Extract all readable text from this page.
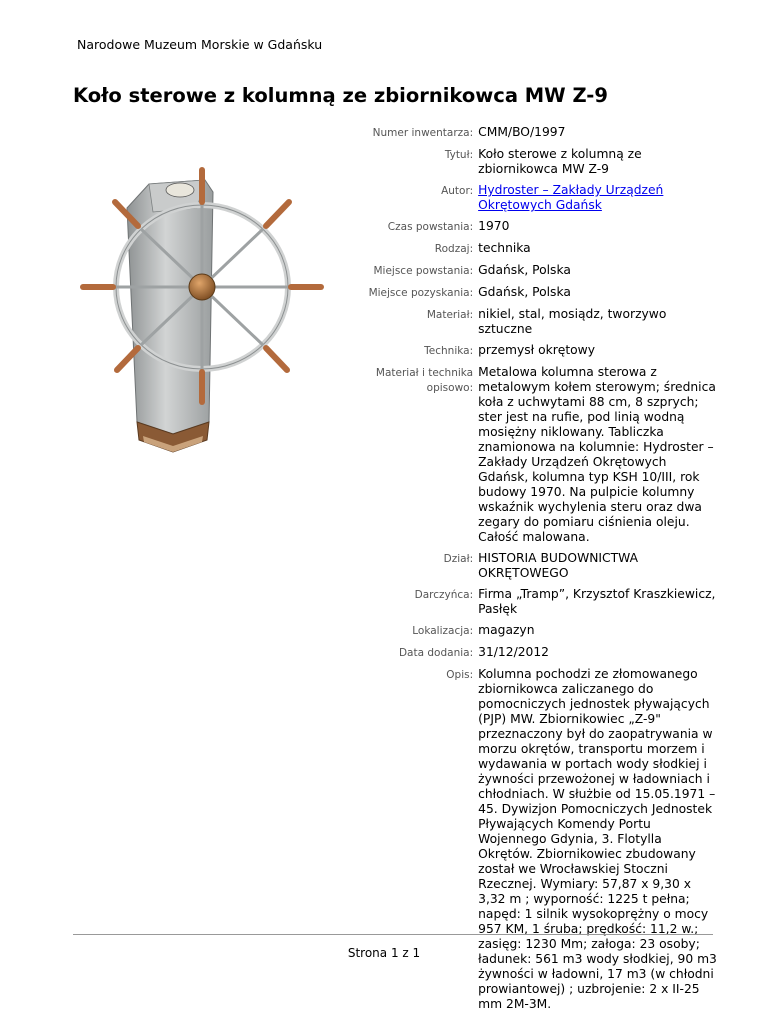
Narodowe Muzeum Morskie w Gdańsku
Koło sterowe z kolumną ze zbiornikowca MW Z-9
Numer inwentarza:	CMM/BO/1997
Tytuł:	Koło sterowe z kolumną ze zbiornikowca MW Z-9
Autor:	Hydroster – Zakłady Urządzeń Okrętowych Gdańsk
Czas powstania:	1970
Rodzaj:	technika
Miejsce powstania:	Gdańsk, Polska
Miejsce pozyskania:	Gdańsk, Polska
Materiał:	nikiel, stal, mosiądz, tworzywo sztuczne
Technika:	przemysł okrętowy
Materiał i technika opisowo:	Metalowa kolumna sterowa z metalowym kołem sterowym; średnica koła z uchwytami 88 cm, 8 szprych; ster jest na rufie, pod linią wodną mosiężny niklowany. Tabliczka znamionowa na kolumnie: Hydroster – Zakłady Urządzeń Okrętowych Gdańsk, kolumna typ KSH 10/III, rok budowy 1970. Na pulpicie kolumny wskaźnik wychylenia steru oraz dwa zegary do pomiaru ciśnienia oleju. Całość malowana.
Dział:	HISTORIA BUDOWNICTWA OKRĘTOWEGO
Darczyńca:	Firma „Tramp”, Krzysztof Kraszkiewicz, Pasłęk
Lokalizacja:	magazyn
Data dodania:	31/12/2012
Opis:	Kolumna pochodzi ze złomowanego zbiornikowca zaliczanego do pomocniczych jednostek pływających (PJP) MW. Zbiornikowiec „Z-9" przeznaczony był do zaopatrywania w morzu okrętów, transportu morzem i wydawania w portach wody słodkiej i żywności przewożonej w ładowniach i chłodniach. W służbie od 15.05.1971 – 45. Dywizjon Pomocniczych Jednostek Pływających Komendy Portu Wojennego Gdynia, 3. Flotylla
Okrętów. Zbiornikowiec zbudowany został we Wrocławskiej Stoczni Rzecznej. Wymiary: 57,87 x 9,30 x 3,32 m ; wyporność: 1225 t pełna; napęd: 1 silnik wysokoprężny o mocy 957 KM, 1 śruba; prędkość: 11,2 w.; zasięg: 1230 Mm; załoga: 23 osoby; ładunek: 561 m3 wody słodkiej, 90 m3 żywności w ładowni, 17 m3 (w chłodni prowiantowej) ; uzbrojenie: 2 x II-25 mm 2M-3M.
Strona 1 z 1
